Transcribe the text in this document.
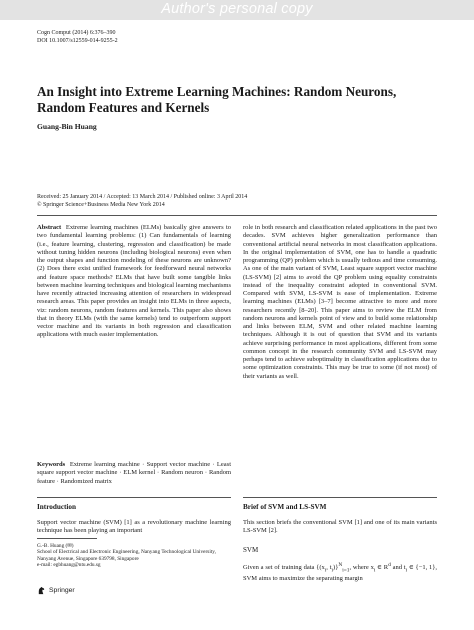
Author's personal copy
Cogn Comput (2014) 6:376–390
DOI 10.1007/s12559-014-9255-2
An Insight into Extreme Learning Machines: Random Neurons, Random Features and Kernels
Guang-Bin Huang
Received: 25 January 2014 / Accepted: 13 March 2014 / Published online: 3 April 2014
© Springer Science+Business Media New York 2014
Abstract Extreme learning machines (ELMs) basically give answers to two fundamental learning problems: (1) Can fundamentals of learning (i.e., feature learning, clustering, regression and classification) be made without tuning hidden neurons (including biological neurons) even when the output shapes and function modeling of these neurons are unknown? (2) Does there exist unified framework for feedforward neural networks and feature space methods? ELMs that have built some tangible links between machine learning techniques and biological learning mechanisms have recently attracted increasing attention of researchers in widespread research areas. This paper provides an insight into ELMs in three aspects, viz: random neurons, random features and kernels. This paper also shows that in theory ELMs (with the same kernels) tend to outperform support vector machine and its variants in both regression and classification applications with much easier implementation.
Keywords Extreme learning machine · Support vector machine · Least square support vector machine · ELM kernel · Random neuron · Random feature · Randomized matrix
role in both research and classification related applications in the past two decades. SVM achieves higher generalization performance than conventional artificial neural networks in most classification applications. In the original implementation of SVM, one has to handle a quadratic programming (QP) problem which is usually tedious and time consuming. As one of the main variant of SVM, Least square support vector machine (LS-SVM) [2] aims to avoid the QP problem using equality constraints instead of the inequality constraint adopted in conventional SVM. Compared with SVM, LS-SVM is ease of implementation. Extreme learning machines (ELMs) [3–7] become attractive to more and more researchers recently [8–20]. This paper aims to review the ELM from random neurons and kernels point of view and to build some relationship and links between ELM, SVM and other related machine learning techniques. Although it is out of question that SVM and its variants achieve surprising performance in most applications, different from some common concept in the research community SVM and LS-SVM may perhaps tend to achieve suboptimality in classification applications due to some optimization constraints. This may be true to some (if not most) of their variants as well.
Introduction
Support vector machine (SVM) [1] as a revolutionary machine learning technique has been playing an important
Brief of SVM and LS-SVM
This section briefs the conventional SVM [1] and one of its main variants LS-SVM [2].
G.-B. Huang (✉)
School of Electrical and Electronic Engineering, Nanyang Technological University, Nanyang Avenue, Singapore 639798, Singapore
e-mail: egbhuang@ntu.edu.sg
SVM
Given a set of training data {($x_i$, $t_i)\}^N_{i=1}$, where $x_i$ ∈ $R^d$ and $t_i$ ∈ {−1, 1}, SVM aims to maximize the separating margin
Springer
